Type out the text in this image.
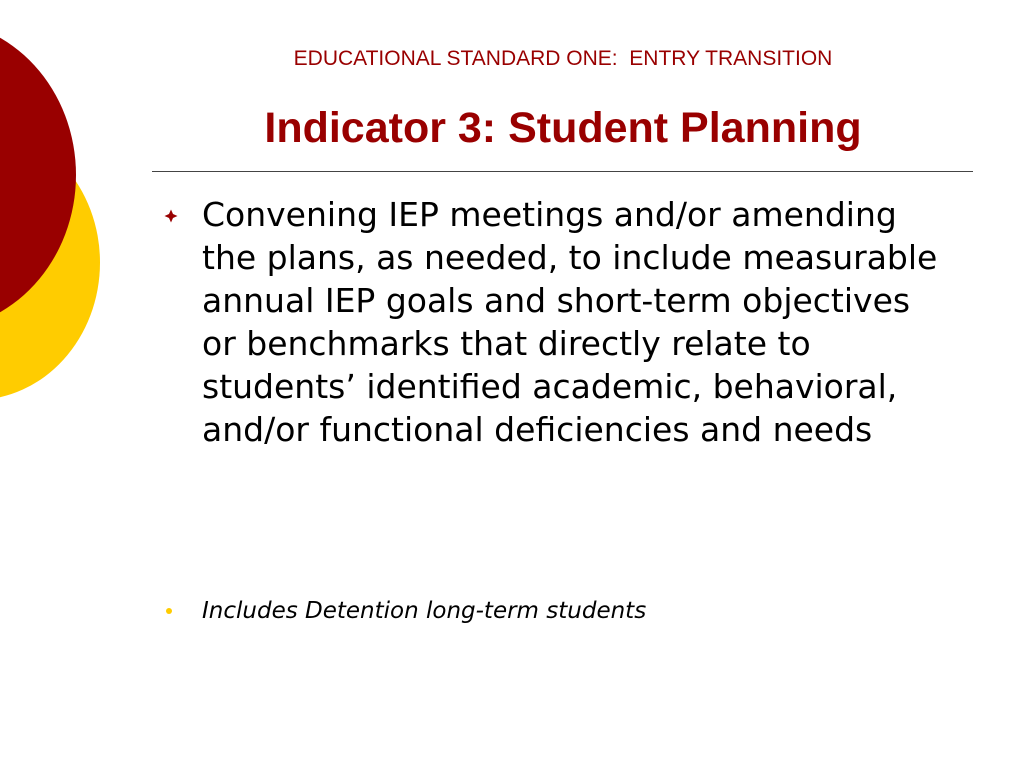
EDUCATIONAL STANDARD ONE:  ENTRY TRANSITION
Indicator 3: Student Planning
Convening IEP meetings and/or amending the plans, as needed, to include measurable annual IEP goals and short-term objectives or benchmarks that directly relate to students’ identified academic, behavioral, and/or functional deficiencies and needs
Includes Detention long-term students
